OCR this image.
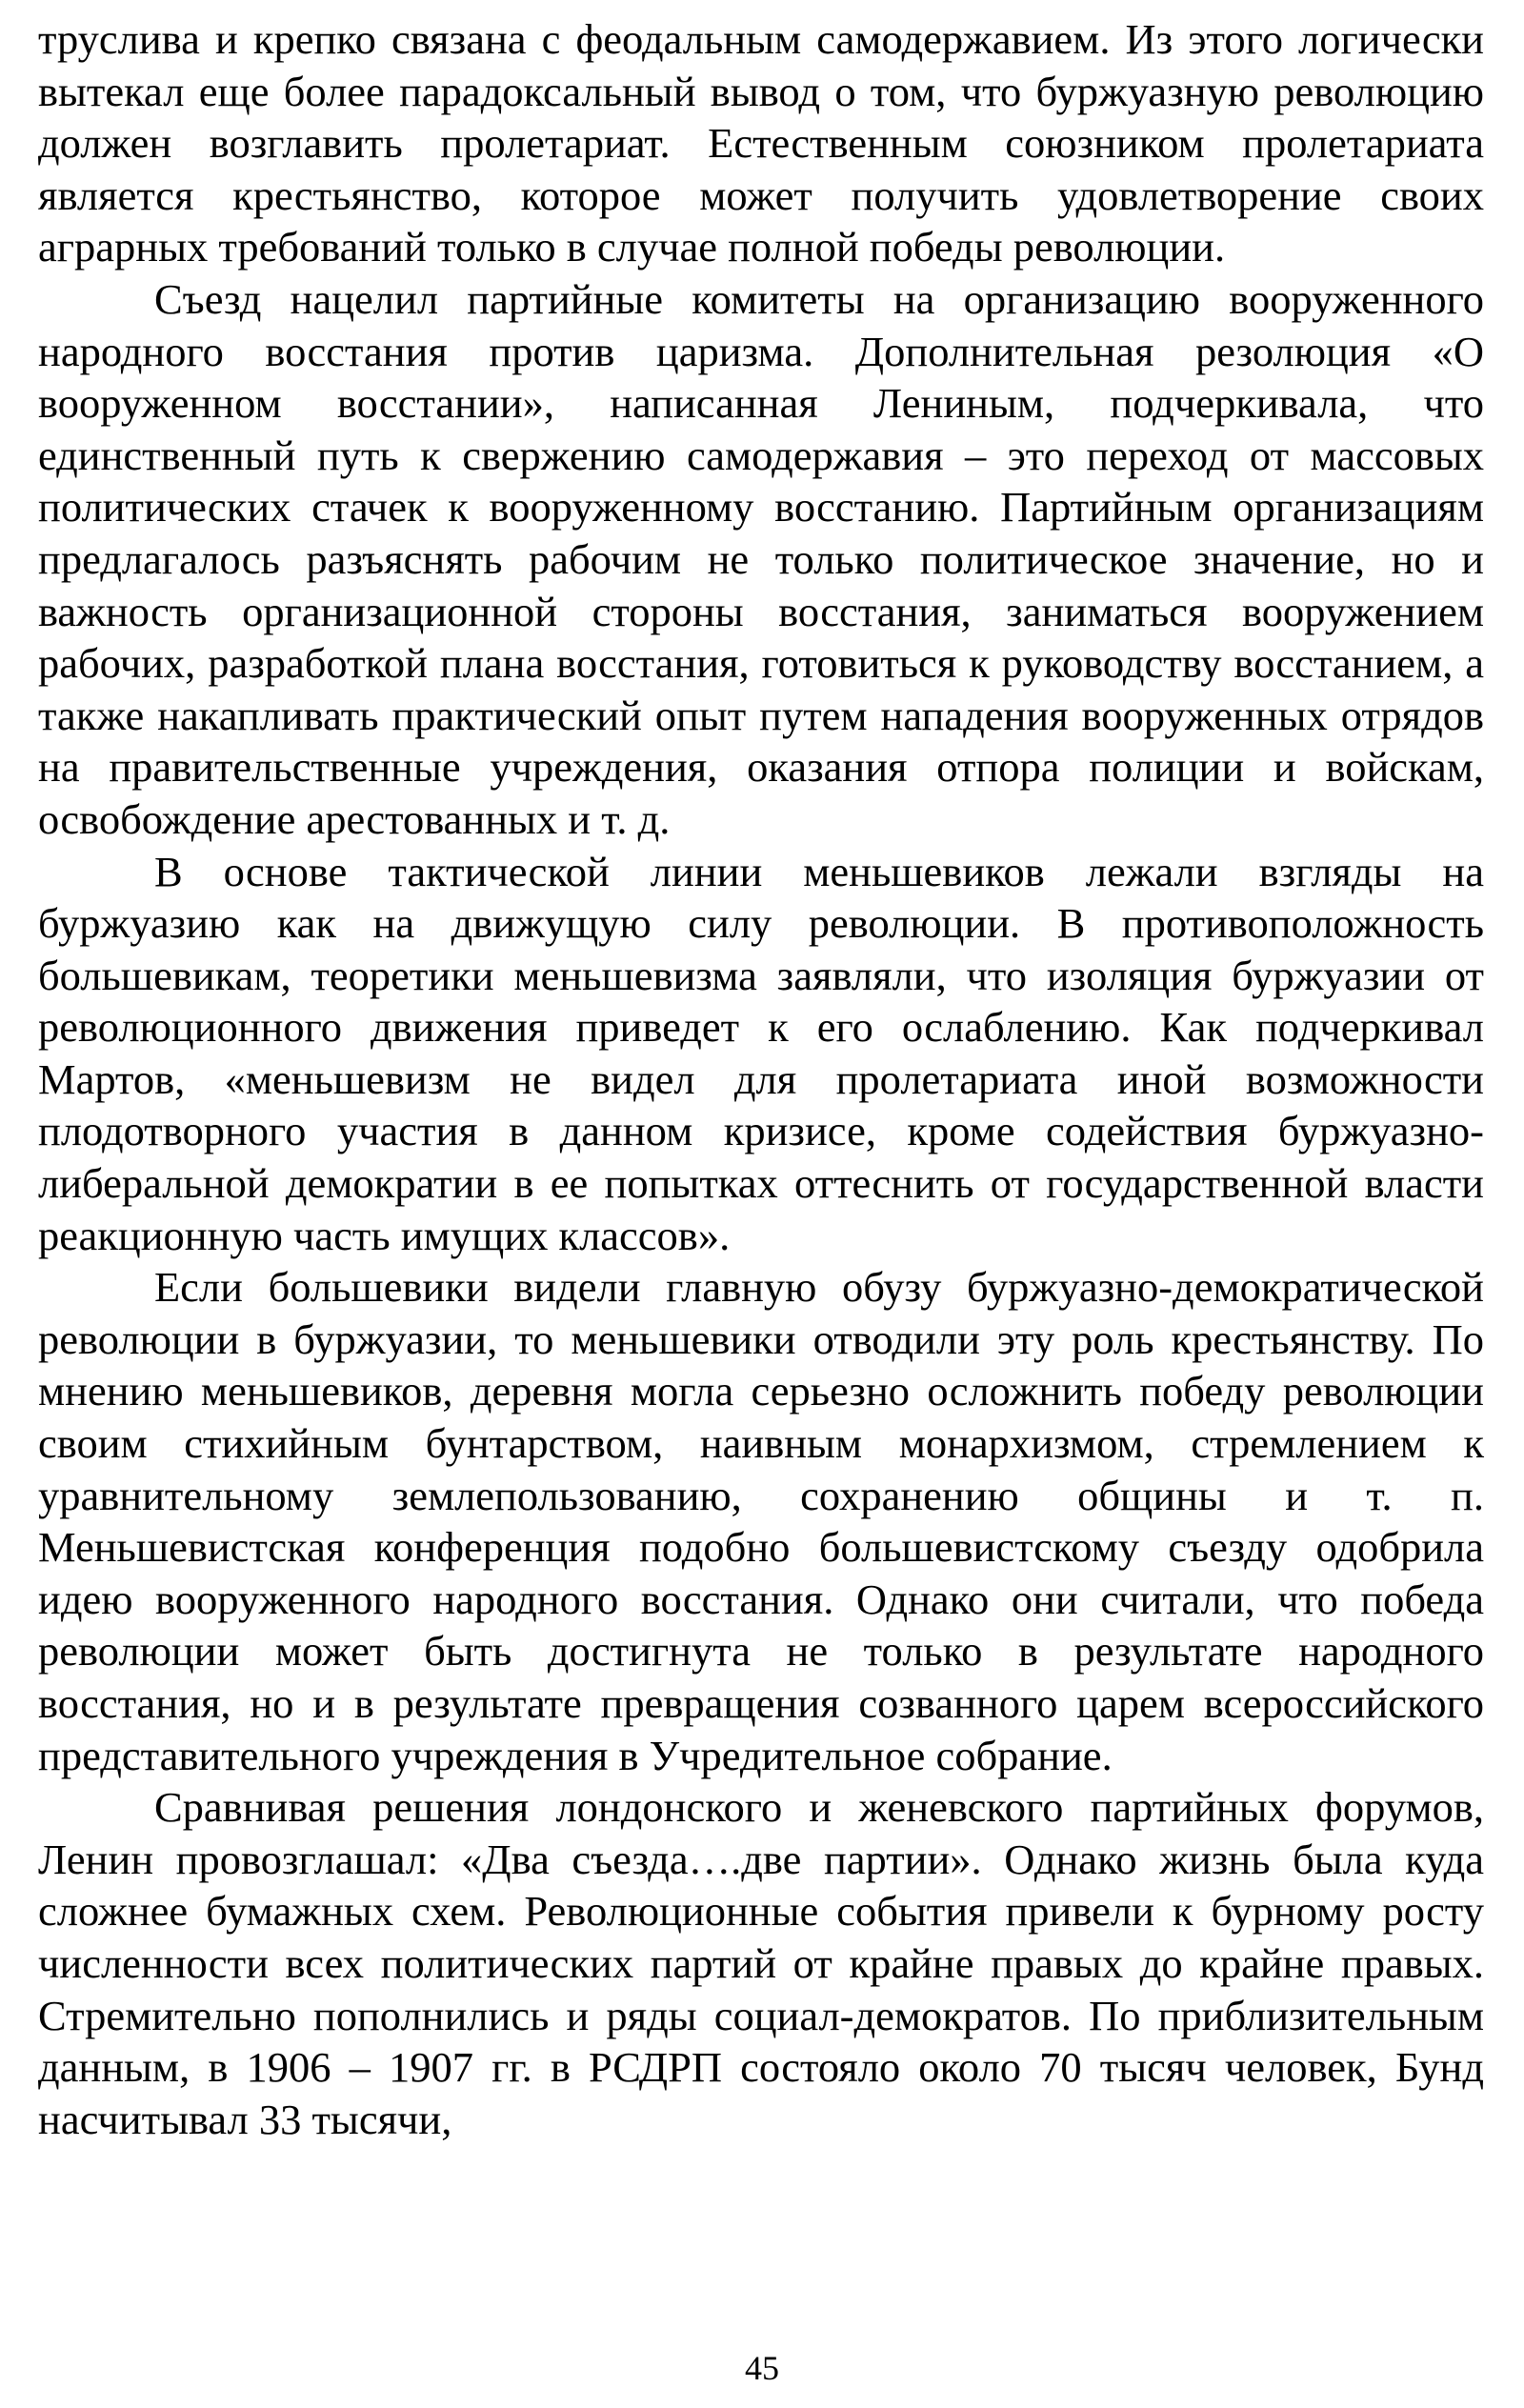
труслива и крепко связана с феодальным самодержавием. Из этого логически вытекал еще более парадоксальный вывод о том, что буржуазную революцию должен возглавить пролетариат. Естественным союзником пролетариата является крестьянство, которое может получить удовлетворение своих аграрных требований только в случае полной победы революции.

Съезд нацелил партийные комитеты на организацию вооруженного народного восстания против царизма. Дополнительная резолюция «О вооруженном восстании», написанная Лениным, подчеркивала, что единственный путь к свержению самодержавия – это переход от массовых политических стачек к вооруженному восстанию. Партийным организациям предлагалось разъяснять рабочим не только политическое значение, но и важность организационной стороны восстания, заниматься вооружением рабочих, разработкой плана восстания, готовиться к руководству восстанием, а также накапливать практический опыт путем нападения вооруженных отрядов на правительственные учреждения, оказания отпора полиции и войскам, освобождение арестованных и т. д.

В основе тактической линии меньшевиков лежали взгляды на буржуазию как на движущую силу революции. В противоположность большевикам, теоретики меньшевизма заявляли, что изоляция буржуазии от революционного движения приведет к его ослаблению. Как подчеркивал Мартов, «меньшевизм не видел для пролетариата иной возможности плодотворного участия в данном кризисе, кроме содействия буржуазно-либеральной демократии в ее попытках оттеснить от государственной власти реакционную часть имущих классов».

Если большевики видели главную обузу буржуазно-демократической революции в буржуазии, то меньшевики отводили эту роль крестьянству. По мнению меньшевиков, деревня могла серьезно осложнить победу революции своим стихийным бунтарством, наивным монархизмом, стремлением к уравнительному землепользованию, сохранению общины и т. п. Меньшевистская конференция подобно большевистскому съезду одобрила идею вооруженного народного восстания. Однако они считали, что победа революции может быть достигнута не только в результате народного восстания, но и в результате превращения созванного царем всероссийского представительного учреждения в Учредительное собрание.

Сравнивая решения лондонского и женевского партийных форумов, Ленин провозглашал: «Два съезда….две партии». Однако жизнь была куда сложнее бумажных схем. Революционные события привели к бурному росту численности всех политических партий от крайне правых до крайне правых. Стремительно пополнились и ряды социал-демократов. По приблизительным данным, в 1906 – 1907 гг. в РСДРП состояло около 70 тысяч человек, Бунд насчитывал 33 тысячи,

45
